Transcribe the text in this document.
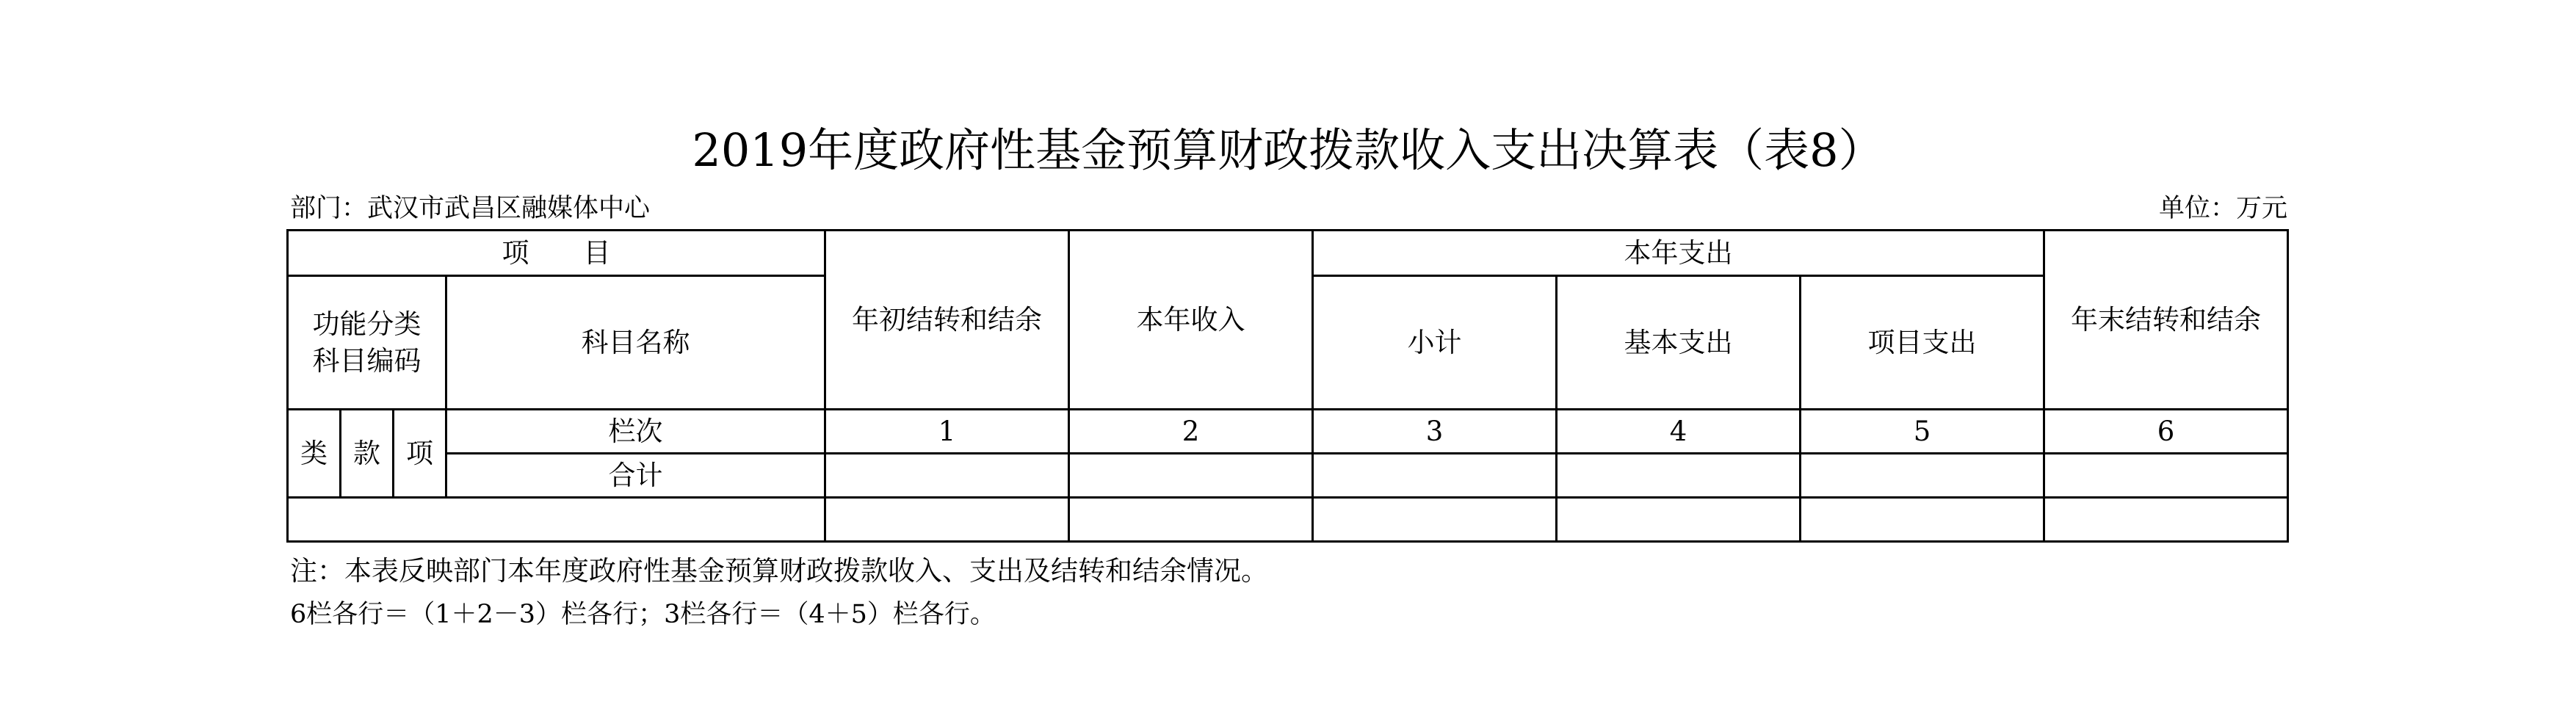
2019年度政府性基金预算财政拨款收入支出决算表（表8）
部门：武汉市武昌区融媒体中心	单位：万元
项　　目				年初结转和结余	本年收入	本年支出			年末结转和结余
功能分类
科目编码			科目名称			小计	基本支出	项目支出	
类	款	项	栏次	1	2	3	4	5	6
			合计						

注：本表反映部门本年度政府性基金预算财政拨款收入、支出及结转和结余情况。
6栏各行＝（1＋2－3）栏各行；3栏各行＝（4＋5）栏各行。
